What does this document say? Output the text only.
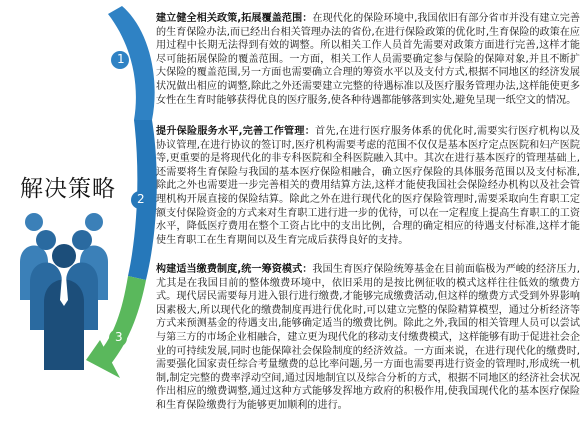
1
2
3
解决策略
建立健全相关政策,拓展覆盖范围：在现代化的保险环境中,我国依旧有部分省市并没有建立完善的生育保险办法,而已经出台相关管理办法的省份,在进行保险政策的优化时,生育保险的政策在应用过程中长期无法得到有效的调整。所以相关工作人员首先需要对政策方面进行完善,这样才能尽可能拓展保险的覆盖范围。一方面，相关工作人员需要确定参与保险的保障对象,并且不断扩大保险的覆盖范围,另一方面也需要确立合理的筹资水平以及支付方式,根据不同地区的经济发展状况做出相应的调整,除此之外还需要建立完整的待遇标准以及医疗服务管理办法,这样能使更多女性在生育时能够获得优良的医疗服务,使各种待遇都能够落到实处,避免呈现一纸空文的情况。
提升保险服务水平,完善工作管理：首先,在进行医疗服务体系的优化时,需要实行医疗机构以及协议管理,在进行协议的签订时,医疗机构需要考虑的范围不仅仅是基本医疗定点医院和妇产医院等,更重要的是将现代化的非专科医院和全科医院融入其中。其次在进行基本医疗的管理基础上,还需要将生育保险与我国的基本医疗保险相融合，确立医疗保险的具体服务范围以及支付标准,除此之外也需要进一步完善相关的费用结算方法,这样才能使我国社会保险经办机构以及社会管理机构开展直接的保险结算。除此之外在进行现代化的医疗保险管理时,需要采取向生育职工定额支付保险资金的方式来对生育职工进行进一步的优待，可以在一定程度上提高生育职工的工资水平，降低医疗费用在整个工资占比中的支出比例，合理的确定相应的待遇支付标准,这样才能使生育职工在生育期间以及生育完成后获得良好的支持。
构建适当缴费制度,统一筹资模式：我国生育医疗保险统筹基金在目前面临极为严峻的经济压力,尤其是在我国目前的整体缴费环境中，依旧采用的是按比例征收的模式这样往往低效的缴费方式。现代居民需要每月进入银行进行缴费,才能够完成缴费活动,但这样的缴费方式受到外界影响因素极大,所以现代化的缴费制度再进行优化时,可以建立完整的保险精算模型，通过分析经济等方式来预测基金的待遇支出,能够确定适当的缴费比例。除此之外,我国的相关管理人员可以尝试与第三方的市场企业相融合，建立更为现代化的移动支付缴费模式，这样能够有助于促进社会企业的可持续发展,同时也能保障社会保险制度的经济效益。一方面来说，在进行现代化的缴费时,需要强化国家责任综合考量缴费的总比率问题,另一方面也需要再进行资金的管理时,形成统一机制,制定完整的费率浮动空间,通过因地制宜以及综合分析的方式，根据不同地区的经济社会状况作出相应的缴费调整,通过这种方式能够发挥地方政府的积极作用,使我国现代化的基本医疗保险和生育保险缴费行为能够更加顺利的进行。
